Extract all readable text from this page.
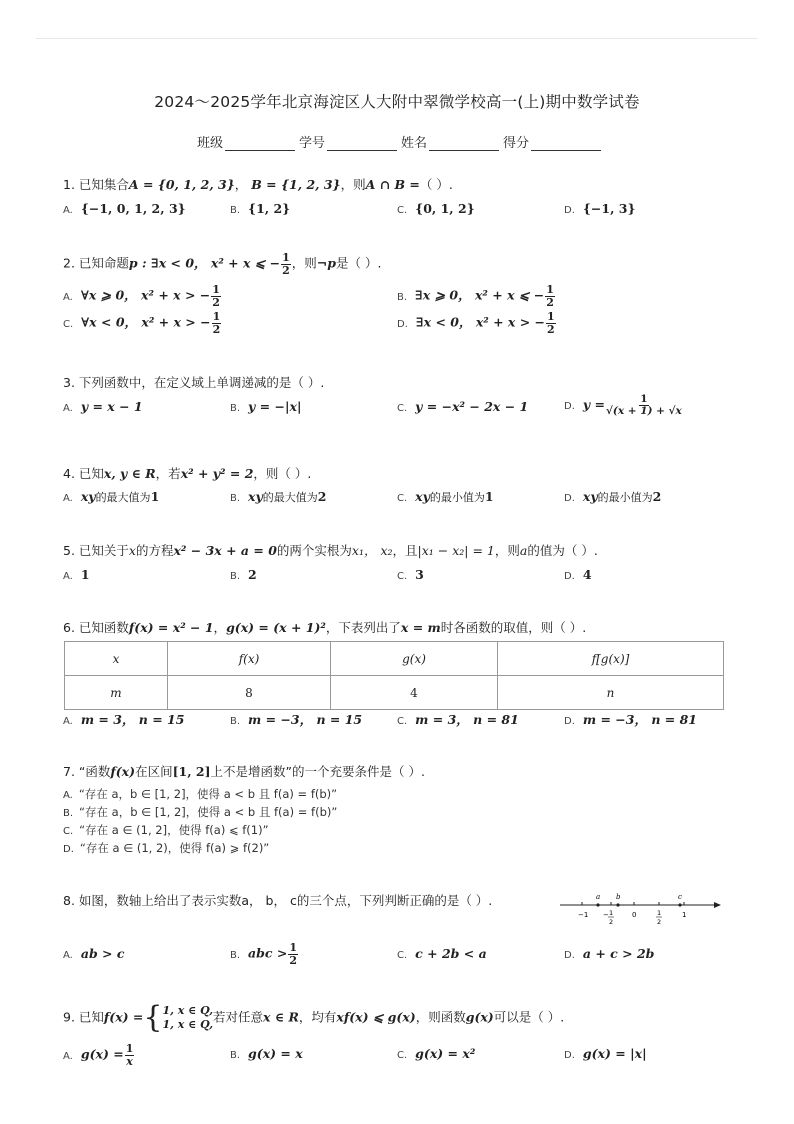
2024～2025学年北京海淀区人大附中翠微学校高一(上)期中数学试卷
班级	学号	姓名	得分
1. 已知集合A = {0, 1, 2, 3}， B = {1, 2, 3}，则A ∩ B =（ ）.
A. {−1, 0, 1, 2, 3}	B. {1, 2}	C. {0, 1, 2}	D. {−1, 3}
2. 已知命题p : ∃x < 0， x² + x ⩽ − $\frac{1}{2}$ ，则¬p是（ ）.
A. ∀x ⩾ 0， x² + x > − $\frac{1}{2}$	B. ∃x ⩾ 0， x² + x ⩽ − $\frac{1}{2}$
C. ∀x < 0， x² + x > − $\frac{1}{2}$	D. ∃x < 0， x² + x > − $\frac{1}{2}$
3. 下列函数中，在定义域上单调递减的是（ ）.
A. y = x − 1	B. y = −|x|	C. y = −x² − 2x − 1	D. $y = \frac{1}{√(x + 1) + √x}$
4. 已知x, y ∈ R，若x² + y² = 2，则（ ）.
A. xy的最大值为1	B. xy的最大值为2	C. xy的最小值为1	D. xy的最小值为2
5. 已知关于x的方程x² − 3x + a = 0的两个实根为x₁， x₂，且|x₁ − x₂| = 1，则a的值为（ ）.
A. 1	B. 2	C. 3	D. 4
6. 已知函数f(x) = x² − 1，g(x) = (x + 1)²，下表列出了x = m时各函数的取值，则（ ）.
x	f(x)	g(x)	f[g(x)]
m	8	4	n
A. m = 3， n = 15	B. m = −3， n = 15	C. m = 3， n = 81	D. m = −3， n = 81
7. “函数f(x)在区间[1, 2]上不是增函数”的一个充要条件是（ ）.
A. “存在 a，b ∈ [1, 2]，使得 a < b 且 f(a) = f(b)”
B. “存在 a，b ∈ [1, 2]，使得 a < b 且 f(a) = f(b)”
C. “存在 a ∈ (1, 2]，使得 f(a) ⩽ f(1)”
D. “存在 a ∈ (1, 2)，使得 f(a) ⩾ f(2)”
8. 如图，数轴上给出了表示实数a， b， c的三个点，下列判断正确的是（ ）.	a b	c
−1 − 1
2
0	1
2
1
A. ab > c	B. abc > $\frac{1}{2}$	C. c + 2b < a	D. a + c > 2b
9. 已知f(x) ={ 1, x ∈ Q,
1, x ∈ Q, 若对任意x ∈ R，均有xf(x) ⩽ g(x)，则函数g(x)可以是（ ）.
A. $g(x) = \frac{1}{x}$	B. g(x) = x	C. g(x) = x²	D. g(x) = |x|
